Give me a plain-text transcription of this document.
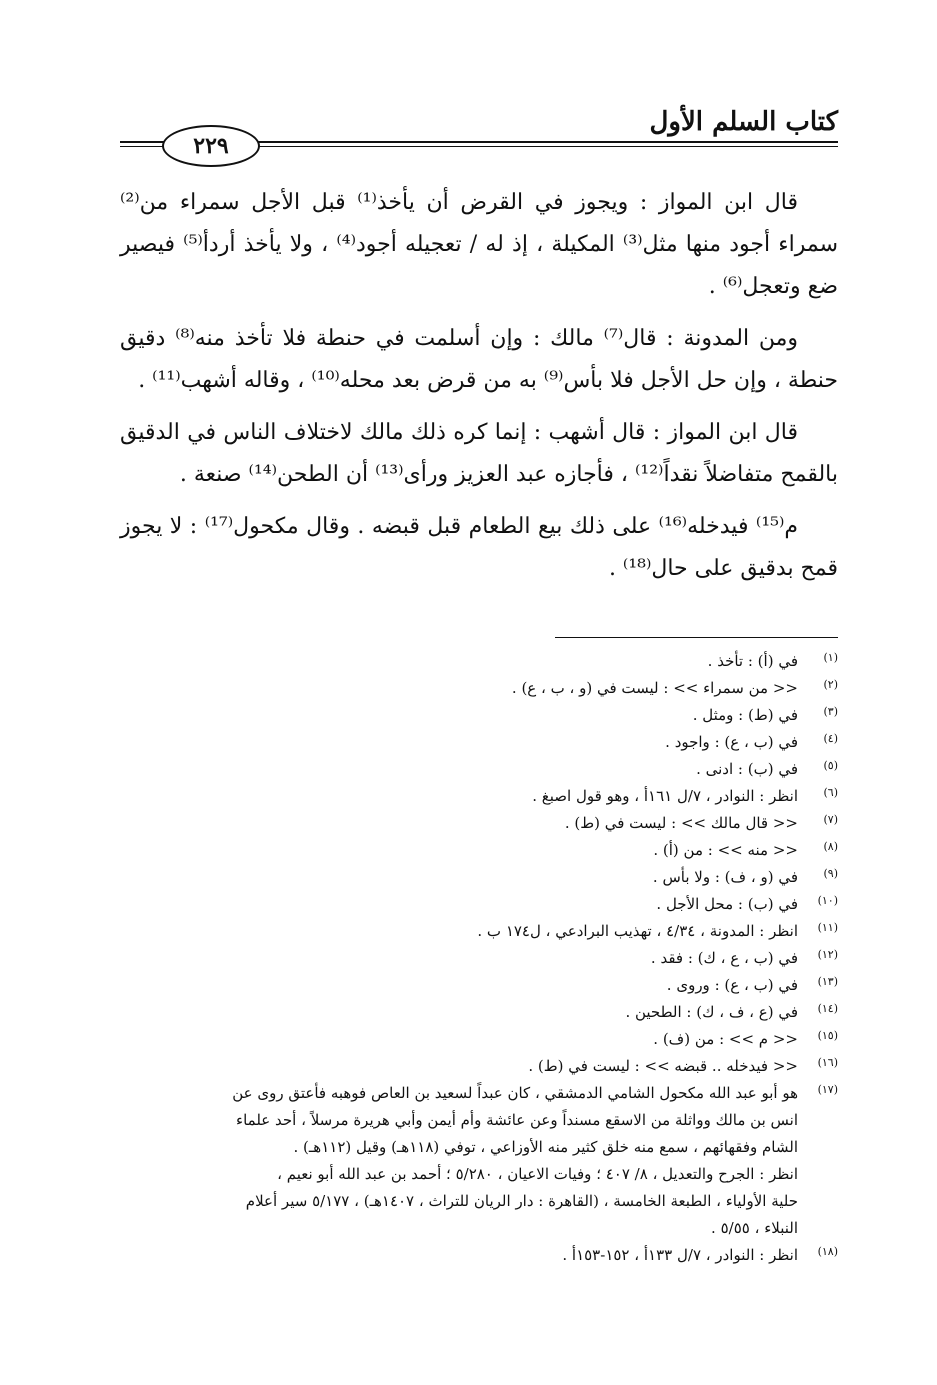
كتاب السلم الأول
٢٢٩

قال ابن المواز : ويجوز في القرض أن يأخذ⁽¹⁾ قبل الأجل سمراء من⁽²⁾ سمراء أجود منها مثل⁽³⁾ المكيلة ، إذ له / تعجيله أجود⁽⁴⁾ ، ولا يأخذ أردأ⁽⁵⁾ فيصير ضع وتعجل⁽⁶⁾ .

ومن المدونة : قال⁽⁷⁾ مالك : وإن أسلمت في حنطة فلا تأخذ منه⁽⁸⁾ دقيق حنطة ، وإن حل الأجل فلا بأس⁽⁹⁾ به من قرض بعد محله⁽¹⁰⁾ ، وقاله أشهب⁽¹¹⁾ .

قال ابن المواز : قال أشهب : إنما كره ذلك مالك لاختلاف الناس في الدقيق بالقمح متفاضلاً نقداً⁽¹²⁾ ، فأجازه عبد العزيز ورأى⁽¹³⁾ أن الطحن⁽¹⁴⁾ صنعة .

م⁽¹⁵⁾ فيدخله⁽¹⁶⁾ على ذلك بيع الطعام قبل قبضه . وقال مكحول⁽¹⁷⁾ : لا يجوز قمح بدقيق على حال⁽¹⁸⁾ .

(١)
في (أ) : تأخذ .
(٢)
<< من سمراء >> : ليست في (و ، ب ، ع) .
(٣)
في (ط) : ومثل .
(٤)
في (ب ، ع) : واجود .
(٥)
في (ب) : ادنى .
(٦)
انظر : النوادر ، ٧/ل ١٦١أ ، وهو قول اصبغ .
(٧)
<< قال مالك >> : ليست في (ط) .
(٨)
<< منه >> : من (أ) .
(٩)
في (و ، ف) : ولا بأس .
(١٠)
في (ب) : محل الأجل .
(١١)
انظر : المدونة ، ٤/٣٤ ، تهذيب البرادعي ، ل١٧٤ ب .
(١٢)
في (ب ، ع ، ك) : فقد .
(١٣)
في (ب ، ع) : وروى .
(١٤)
في (ع ، ف ، ك) : الطحين .
(١٥)
<< م >> : من (ف) .
(١٦)
<< فيدخله .. قبضه >> : ليست في (ط) .
(١٧)
هو أبو عبد الله مكحول الشامي الدمشقي ، كان عبداً لسعيد بن العاص فوهبه فأعتق روى عن
انس بن مالك وواثلة من الاسقع مسنداً وعن عائشة وأم أيمن وأبي هريرة مرسلاً ، أحد علماء
الشام وفقهائهم ، سمع منه خلق كثير منه الأوزاعي ، توفي (١١٨هـ) وقيل (١١٢هـ) .
انظر : الجرح والتعديل ، ٨/ ٤٠٧ ؛ وفيات الاعيان ، ٥/٢٨٠ ؛ أحمد بن عبد الله أبو نعيم ،
حلية الأولياء ، الطبعة الخامسة ، (القاهرة : دار الريان للتراث ، ١٤٠٧هـ) ، ٥/١٧٧ سير أعلام
النبلاء ، ٥/٥٥ .
(١٨)
انظر : النوادر ، ٧/ل ١٣٣أ ، ١٥٢-١٥٣أ .
